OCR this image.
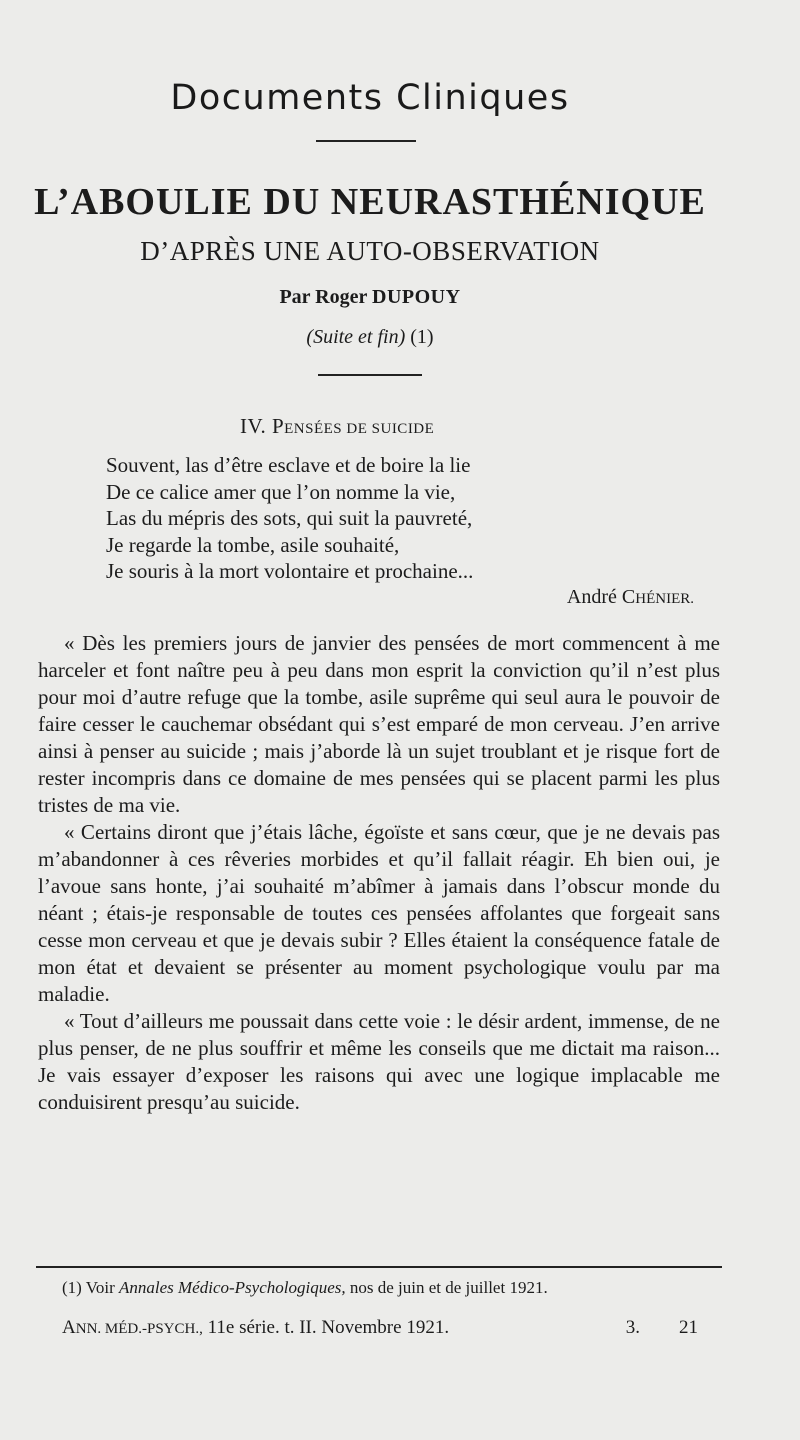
Documents Cliniques
L’ABOULIE DU NEURASTHÉNIQUE
D’APRÈS UNE AUTO-OBSERVATION
Par Roger DUPOUY
(Suite et fin) (1)
IV. PENSÉES DE SUICIDE
Souvent, las d’être esclave et de boire la lie
De ce calice amer que l’on nomme la vie,
Las du mépris des sots, qui suit la pauvreté,
Je regarde la tombe, asile souhaité,
Je souris à la mort volontaire et prochaine...
André CHÉNIER.

« Dès les premiers jours de janvier des pensées de mort commencent à me harceler et font naître peu à peu dans mon esprit la conviction qu’il n’est plus pour moi d’autre refuge que la tombe, asile suprême qui seul aura le pouvoir de faire cesser le cauchemar obsédant qui s’est emparé de mon cerveau. J’en arrive ainsi à penser au suicide ; mais j’aborde là un sujet troublant et je risque fort de rester incompris dans ce domaine de mes pensées qui se placent parmi les plus tristes de ma vie.

« Certains diront que j’étais lâche, égoïste et sans cœur, que je ne devais pas m’abandonner à ces rêveries morbides et qu’il fallait réagir. Eh bien oui, je l’avoue sans honte, j’ai souhaité m’abîmer à jamais dans l’obscur monde du néant ; étais-je responsable de toutes ces pensées affolantes que forgeait sans cesse mon cerveau et que je devais subir ? Elles étaient la conséquence fatale de mon état et devaient se présenter au moment psychologique voulu par ma maladie.

« Tout d’ailleurs me poussait dans cette voie : le désir ardent, immense, de ne plus penser, de ne plus souffrir et même les conseils que me dictait ma raison... Je vais essayer d’exposer les raisons qui avec une logique implacable me conduisirent presqu’au suicide.

(1) Voir Annales Médico-Psychologiques, nos de juin et de juillet 1921.
ANN. MÉD.-PSYCH., 11e série. t. II. Novembre 1921.	3. 21
